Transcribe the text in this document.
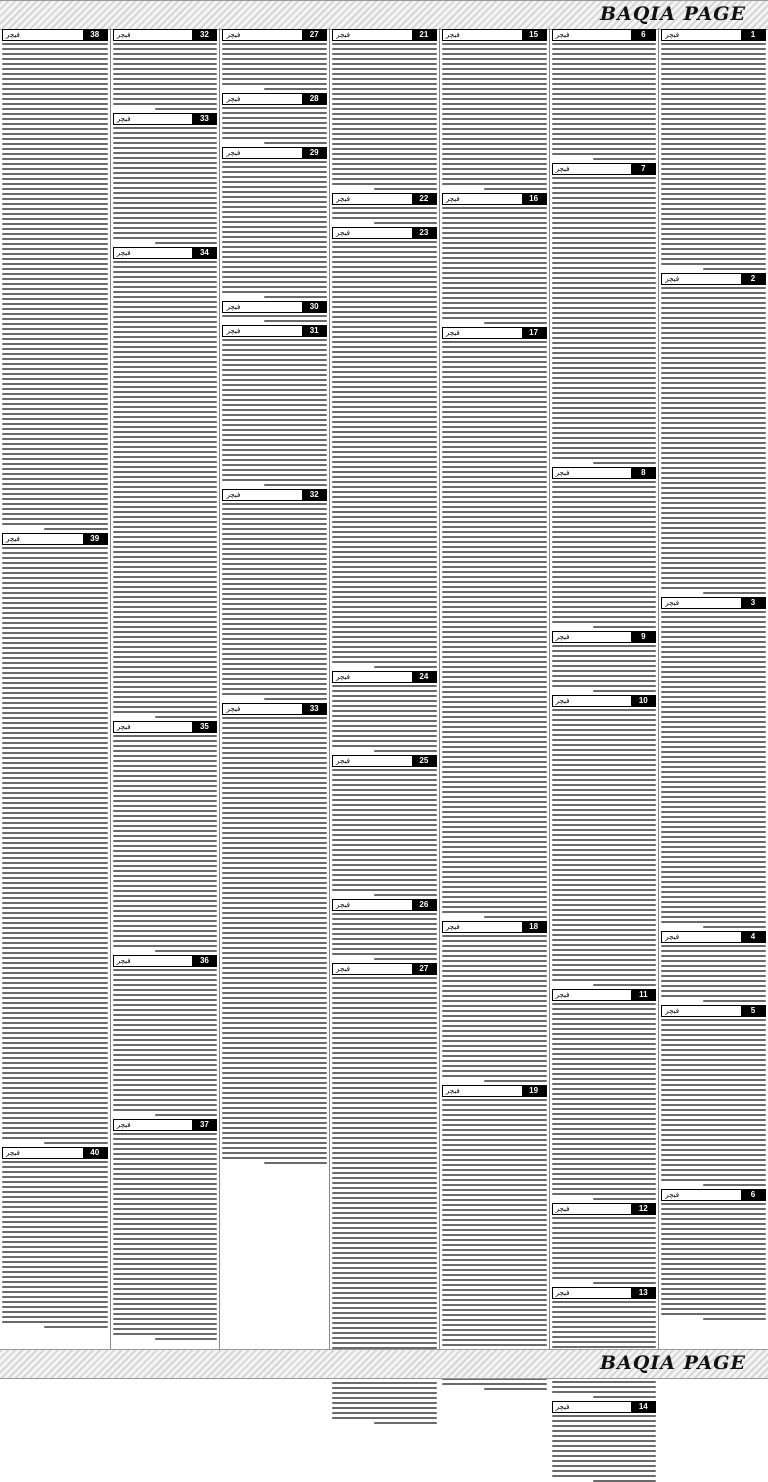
BAQIA PAGE
1
فیچر
2
فیچر
3
فیچر
4
فیچر
5
فیچر
6
فیچر
6
فیچر
7
فیچر
8
فیچر
9
فیچر
10
فیچر
11
فیچر
12
فیچر
13
فیچر
14
فیچر
15
فیچر
16
فیچر
17
فیچر
18
فیچر
19
فیچر
21
فیچر
22
فیچر
23
فیچر
24
فیچر
25
فیچر
26
فیچر
27
فیچر
27
فیچر
28
فیچر
29
فیچر
30
فیچر
31
فیچر
32
فیچر
33
فیچر
32
فیچر
33
فیچر
34
فیچر
35
فیچر
36
فیچر
37
فیچر
38
فیچر
39
فیچر
40
فیچر
BAQIA PAGE
